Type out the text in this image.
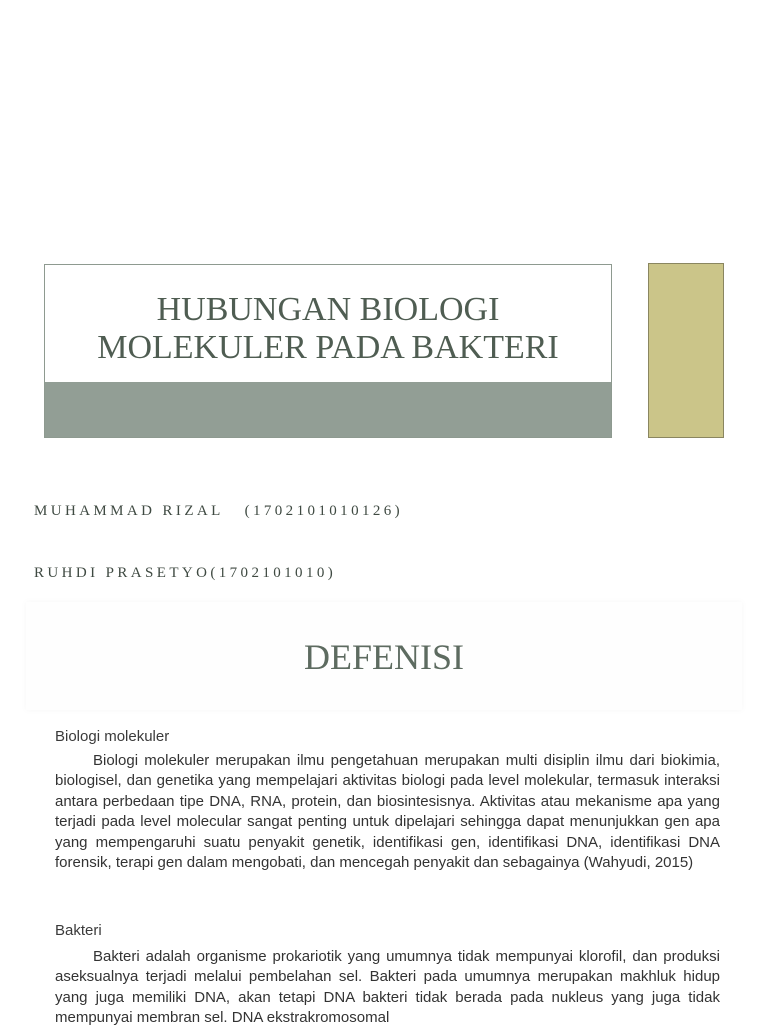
HUBUNGAN BIOLOGI
MOLEKULER PADA BAKTERI

MUHAMMAD RIZAL   (1702101010126)

RUHDI PRASETYO(1702101010)

DEFENISI
Biologi molekuler

Biologi molekuler merupakan ilmu pengetahuan merupakan multi disiplin ilmu dari biokimia, biologisel, dan genetika yang mempelajari aktivitas biologi pada level molekular, termasuk interaksi antara perbedaan tipe DNA, RNA, protein, dan biosintesisnya. Aktivitas atau mekanisme apa yang terjadi pada level molecular sangat penting untuk dipelajari sehingga dapat menunjukkan gen apa yang mempengaruhi suatu penyakit genetik, identifikasi gen, identifikasi DNA, identifikasi DNA forensik, terapi gen dalam mengobati, dan mencegah penyakit dan sebagainya (Wahyudi, 2015)

Bakteri

Bakteri adalah organisme prokariotik yang umumnya tidak mempunyai klorofil, dan produksi aseksualnya terjadi melalui pembelahan sel. Bakteri pada umumnya merupakan makhluk hidup yang juga memiliki DNA, akan tetapi DNA bakteri tidak berada pada nukleus yang juga tidak mempunyai membran sel. DNA ekstrakromosomal
